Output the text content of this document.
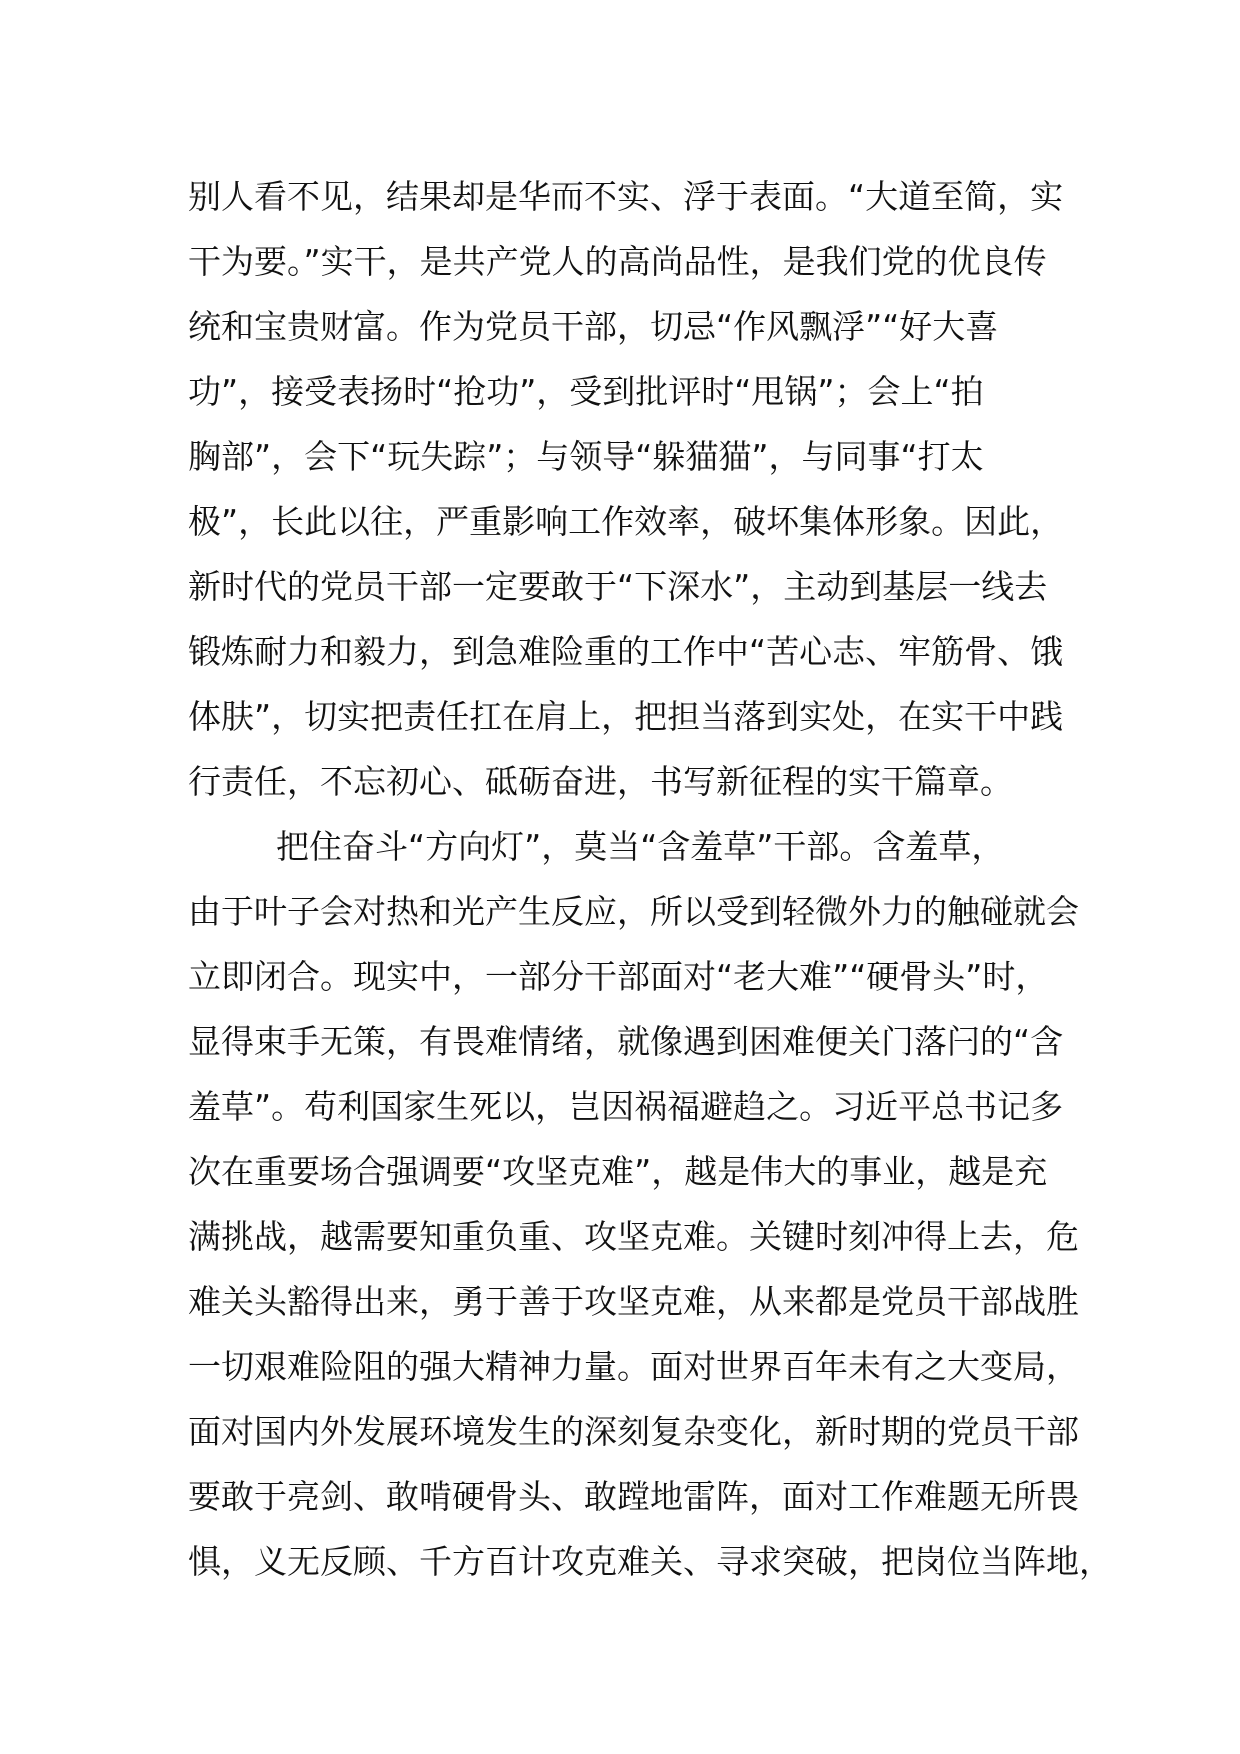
别人看不见，结果却是华而不实、浮于表面。“大道至简，实
干为要。”实干，是共产党人的高尚品性，是我们党的优良传
统和宝贵财富。作为党员干部，切忌“作风飘浮”“好大喜
功”，接受表扬时“抢功”，受到批评时“甩锅”；会上“拍
胸部”，会下“玩失踪”；与领导“躲猫猫”，与同事“打太
极”，长此以往，严重影响工作效率，破坏集体形象。因此，
新时代的党员干部一定要敢于“下深水”，主动到基层一线去
锻炼耐力和毅力，到急难险重的工作中“苦心志、牢筋骨、饿
体肤”，切实把责任扛在肩上，把担当落到实处，在实干中践
行责任，不忘初心、砥砺奋进，书写新征程的实干篇章。
把住奋斗“方向灯”，莫当“含羞草”干部。含羞草，
由于叶子会对热和光产生反应，所以受到轻微外力的触碰就会
立即闭合。现实中，一部分干部面对“老大难”“硬骨头”时，
显得束手无策，有畏难情绪，就像遇到困难便关门落闩的“含
羞草”。苟利国家生死以，岂因祸福避趋之。习近平总书记多
次在重要场合强调要“攻坚克难”，越是伟大的事业，越是充
满挑战，越需要知重负重、攻坚克难。关键时刻冲得上去，危
难关头豁得出来，勇于善于攻坚克难，从来都是党员干部战胜
一切艰难险阻的强大精神力量。面对世界百年未有之大变局，
面对国内外发展环境发生的深刻复杂变化，新时期的党员干部
要敢于亮剑、敢啃硬骨头、敢蹚地雷阵，面对工作难题无所畏
惧，义无反顾、千方百计攻克难关、寻求突破，把岗位当阵地，
